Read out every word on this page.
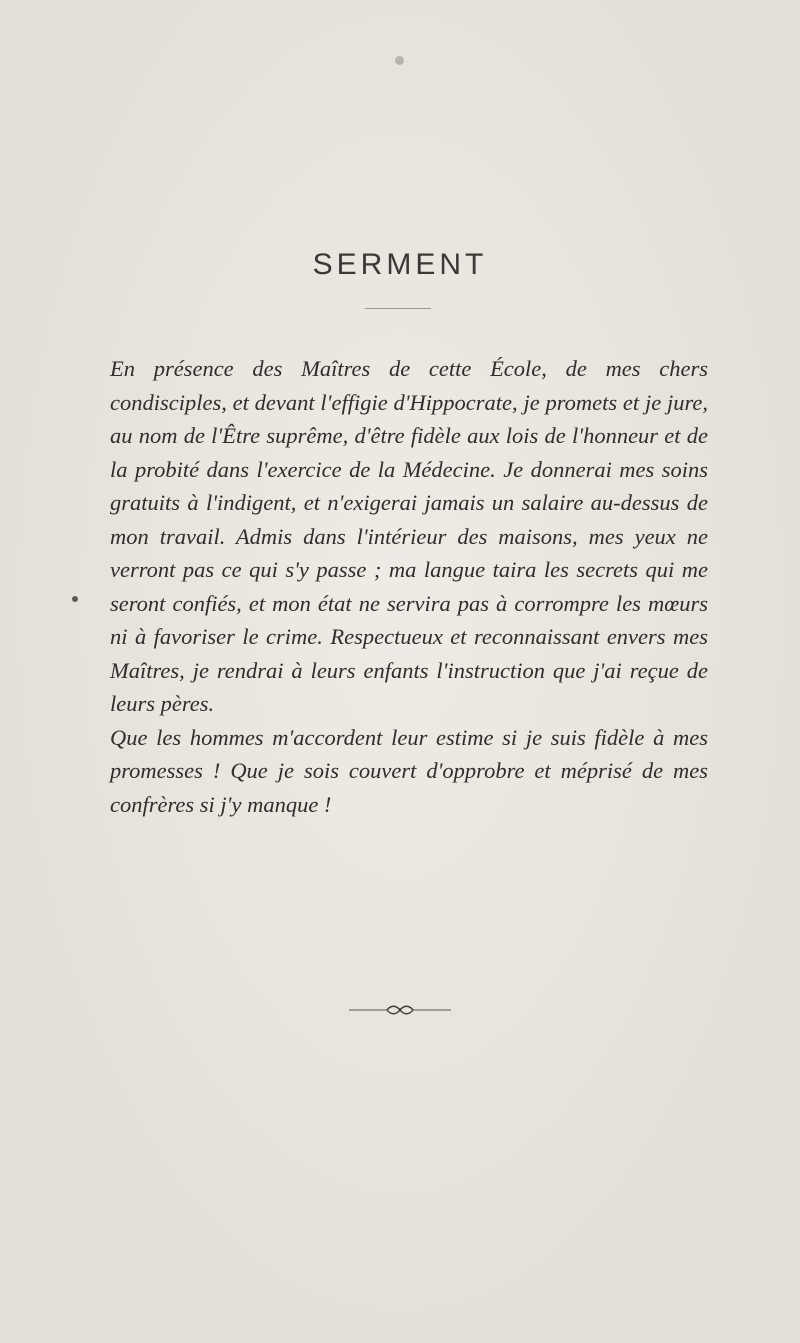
SERMENT

En présence des Maîtres de cette École, de mes chers condisciples, et devant l'effigie d'Hippocrate, je promets et je jure, au nom de l'Être suprême, d'être fidèle aux lois de l'honneur et de la probité dans l'exercice de la Médecine. Je donnerai mes soins gratuits à l'indigent, et n'exigerai jamais un salaire au-dessus de mon travail. Admis dans l'intérieur des maisons, mes yeux ne verront pas ce qui s'y passe ; ma langue taira les secrets qui me seront confiés, et mon état ne servira pas à corrompre les mœurs ni à favoriser le crime. Respectueux et reconnaissant envers mes Maîtres, je rendrai à leurs enfants l'instruction que j'ai reçue de leurs pères.

Que les hommes m'accordent leur estime si je suis fidèle à mes promesses ! Que je sois couvert d'opprobre et méprisé de mes confrères si j'y manque !
